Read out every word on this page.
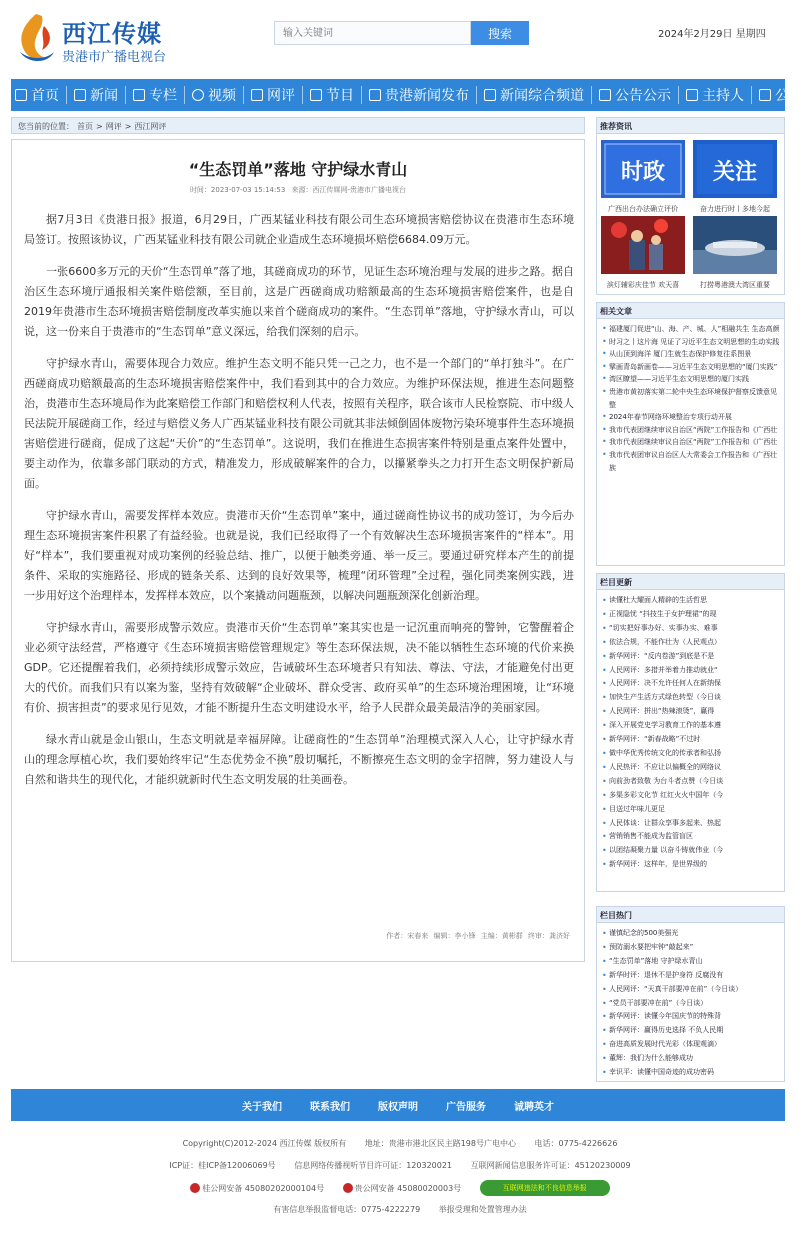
西江传媒
贵港市广播电视台
输入关键词
搜索	2024年2月29日 星期四
首页 新闻 专栏 视频 网评 节目 贵港新闻发布 新闻综合频道 公告公示 主持人 公益
您当前的位置： 首页 > 网评 > 西江网评
“生态罚单”落地 守护绿水青山
时间：2023-07-03 15:14:53 来源：西江传媒网-贵港市广播电视台

据7月3日《贵港日报》报道，6月29日，广西某锰业科技有限公司生态环境损害赔偿协议在贵港市生态环境局签订。按照该协议，广西某锰业科技有限公司就企业造成生态环境损坏赔偿6684.09万元。

一张6600多万元的天价“生态罚单”落了地，其磋商成功的环节，见证生态环境治理与发展的进步之路。据自治区生态环境厅通报相关案件赔偿额，至目前，这是广西磋商成功赔额最高的生态环境损害赔偿案件，也是自2019年贵港市生态环境损害赔偿制度改革实施以来首个磋商成功的案件。“生态罚单”落地，守护绿水青山，可以说，这一份来自于贵港市的“生态罚单”意义深远，给我们深刻的启示。

守护绿水青山，需要体现合力效应。维护生态文明不能只凭一己之力，也不是一个部门的“单打独斗”。在广西磋商成功赔额最高的生态环境损害赔偿案件中，我们看到其中的合力效应。为维护环保法规，推进生态问题整治，贵港市生态环境局作为此案赔偿工作部门和赔偿权利人代表，按照有关程序，联合该市人民检察院、市中级人民法院开展磋商工作，经过与赔偿义务人广西某锰业科技有限公司就其非法倾倒固体废物污染环境事件生态环境损害赔偿进行磋商，促成了这起“天价”的“生态罚单”。这说明，我们在推进生态损害案件特别是重点案件处置中，要主动作为，依靠多部门联动的方式，精准发力，形成破解案件的合力，以攥紧拳头之力打开生态文明保护新局面。

守护绿水青山，需要发挥样本效应。贵港市天价“生态罚单”案中，通过磋商性协议书的成功签订，为今后办理生态环境损害案件积累了有益经验。也就是说，我们已经取得了一个有效解决生态环境损害案件的“样本”。用好“样本”，我们要重视对成功案例的经验总结、推广，以便于触类旁通、举一反三。要通过研究样本产生的前提条件、采取的实施路径、形成的链条关系、达到的良好效果等，梳理“闭环管理”全过程，强化同类案例实践，进一步用好这个治理样本，发挥样本效应，以个案撬动问题瓶颈，以解决问题瓶颈深化创新治理。

守护绿水青山，需要形成警示效应。贵港市天价“生态罚单”案其实也是一记沉重而响亮的警钟，它警醒着企业必须守法经营，严格遵守《生态环境损害赔偿管理规定》等生态环保法规，决不能以牺牲生态环境的代价来换GDP。它还提醒着我们，必须持续形成警示效应，告诫破坏生态环境者只有知法、尊法、守法，才能避免付出更大的代价。而我们只有以案为鉴，坚持有效破解“企业破坏、群众受害、政府买单”的生态环境治理困境，让“环境有价、损害担责”的要求见行见效，才能不断提升生态文明建设水平，给予人民群众最美最洁净的美丽家园。

绿水青山就是金山银山，生态文明就是幸福屏障。让磋商性的“生态罚单”治理模式深入人心，让守护绿水青山的理念厚植心坎，我们要始终牢记“生态优势金不换”殷切嘱托，不断擦亮生态文明的金字招牌，努力建设人与自然和谐共生的现代化，才能织就新时代生态文明发展的壮美画卷。

作者：宋春来 编辑：李小锋 主编：黄彬群 终审：龚济好
推荐资讯
时政
广西出台办法确立评价
关注
奋力进行时丨多地今起
滨灯辅彩庆佳节 欢天喜	打捞粤港澳大湾区重要
相关文章
• 福建厦门促进“山、海、产、城、人”相融共生 生态高颜
• 时习之丨这片海 见证了习近平生态文明思想的生动实践
• 从山顶到海洋 厦门生就生态保护修复往系图景
• 擘画青岛新画卷——习近平生态文明思想的“厦门实践”
• 湾区瞭望——习近平生态文明思想的厦门实践
• 贵港市黄初落实第二轮中央生态环境保护督察反馈意见整
• 2024年春节网络环境整治专项行动开展
• 我市代表团继续审议自治区“两院”工作报告和《广西壮
• 我市代表团继续审议自治区“两院”工作报告和《广西壮
• 我市代表团审议自治区人大常委会工作报告和《广西壮族
栏目更新
• 读懂杜大耀面人精辟的生活哲思
• 正视隐忧 “抖技生于女护理裙”的现
• “切实把好事办好、实事办实、难事
• 依法合规，不能作壮为（人民观点）
• 新华网评：“反内卷游”到底是不是
• 人民网评：多措并举着力推动就业“
• 人民网评：决不允许任何人在新纳保
• 加快生产生活方式绿色转型（今日谈
• 人民网评：拼出“热辣滚烫”，赢得
• 深入开展党史学习教育工作的基本遵
• 新华网评：“新春战略”不过时
• 做中华优秀传统文化的传承者和弘扬
• 人民热评：不应让以偏概全的网络议
• 向前劲者致敬 为台斗者点赞（今日谈
• 多渠多彩文化节 红红火火中国年（今
• 目送过年味儿更足
• 人民体谈：让群众享事多起来、热起
• 营销销售不能成为监管盲区
• 以团结凝聚力量 以奋斗铸就伟业（今
• 新华网评：这样年，是世界级的
栏目热门
• 谨慎纪念的500美强光
• 预防溺水要把牢钟“敲起来”
• “生态罚单”落地 守护绿水青山
• 新华时评：退休不是护身符 反腐没有
• 人民网评：“天真干部要冲在前”（今日谈）
• “党员干部要冲在前”（今日谈）
• 新华网评：读懂今年国庆节的特殊背
• 新华网评：赢得历史选择 不负人民期
• 奋进高质发展时代光彩（体现观滴）
• 董辉：我们为什么能够成功
• 幸识平：读懂中国奇迹的成功密码
关于我们	联系我们	版权声明	广告服务	诚聘英才
Copyright(C)2012-2024 西江传媒 版权所有 地址：贵港市港北区民主路198号广电中心 电话：0775-4226626
ICP证：桂ICP备12006069号 信息网络传播视听节目许可证：120320021 互联网新闻信息服务许可证：45120230009
桂公网安备 45080202000104号	贵公网安备 45080020003号	互联网违法和不良信息举报
有害信息举报监督电话：0775-4222279 举报受理和处置管理办法
